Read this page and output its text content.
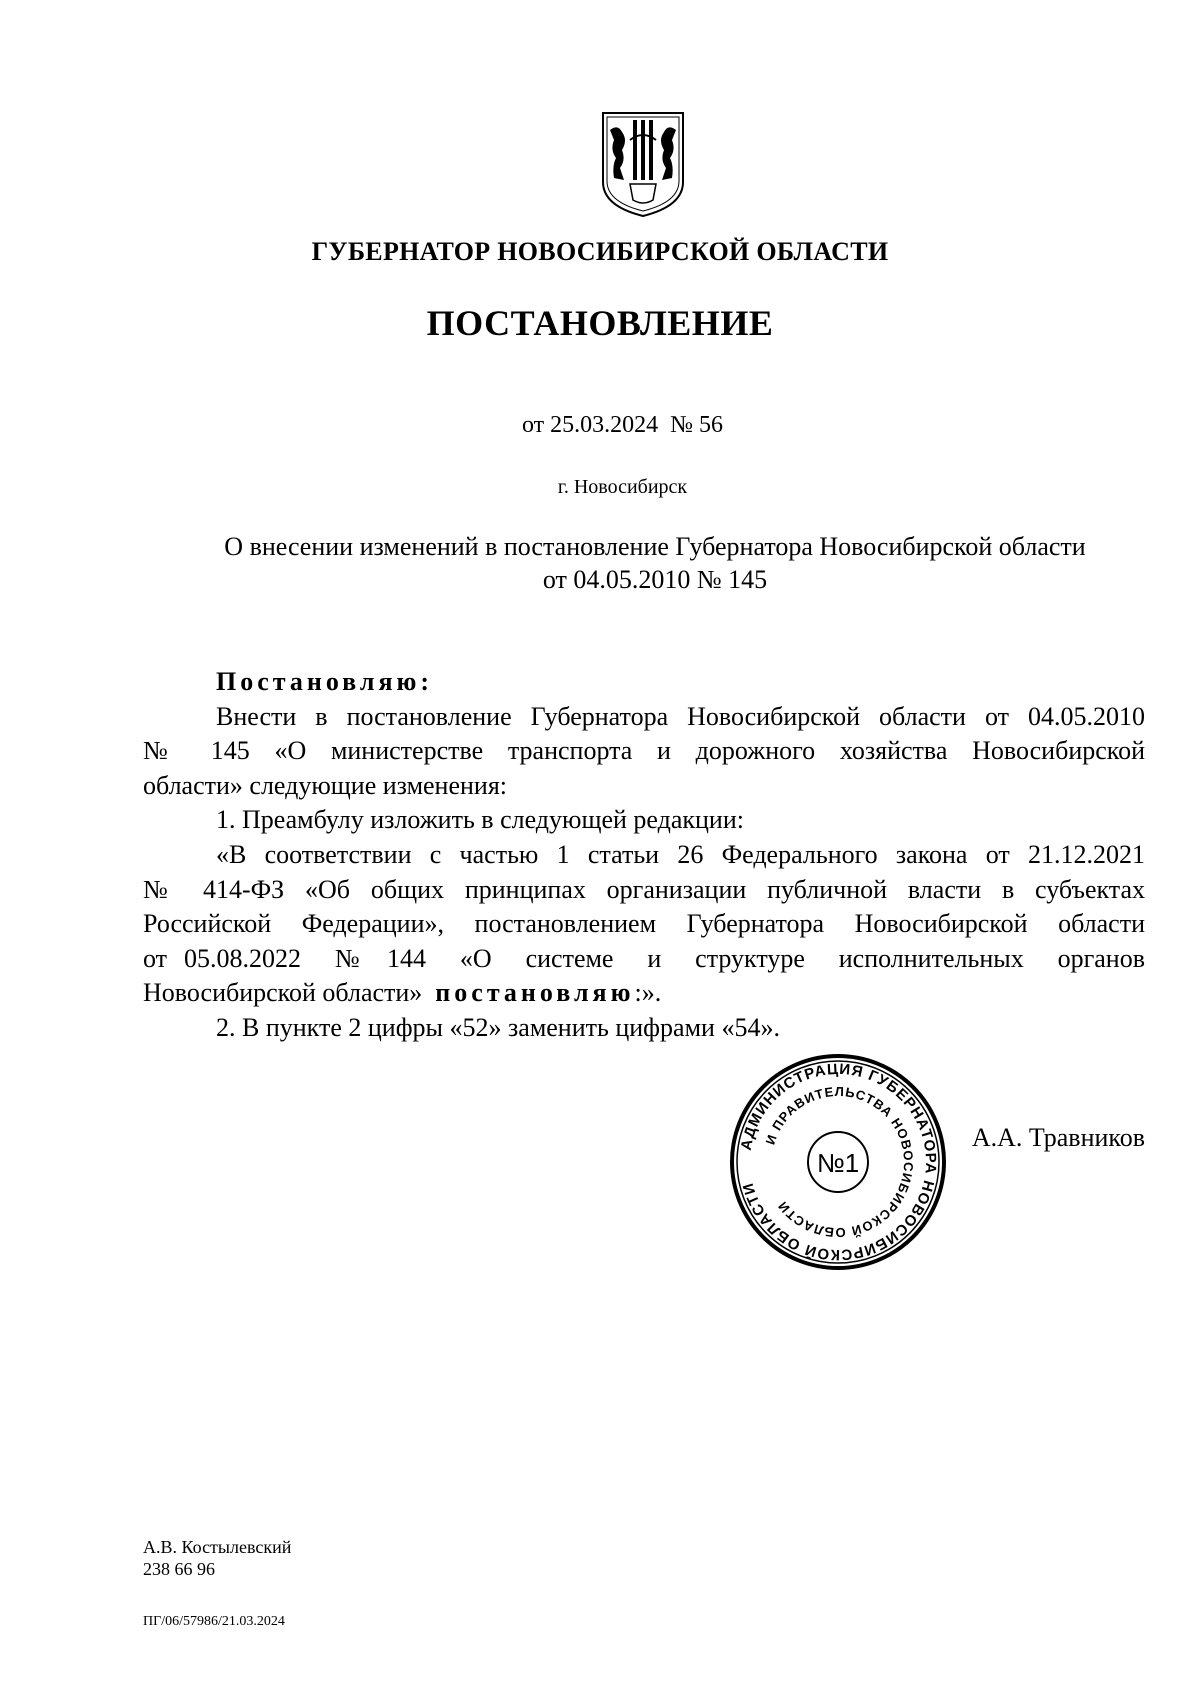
ГУБЕРНАТОР НОВОСИБИРСКОЙ ОБЛАСТИ
ПОСТАНОВЛЕНИЕ
от 25.03.2024  № 56
г. Новосибирск
О внесении изменений в постановление Губернатора Новосибирской области
от 04.05.2010 № 145

Постановляю:

Внести в постановление Губернатора Новосибирской области от 04.05.2010

№ 145 «О министерстве транспорта и дорожного хозяйства Новосибирской

области» следующие изменения:

1. Преамбулу изложить в следующей редакции:

«В соответствии с частью 1 статьи 26 Федерального закона от 21.12.2021

№ 414-ФЗ «Об общих принципах организации публичной власти в субъектах

Российской Федерации», постановлением Губернатора Новосибирской области

от 05.08.2022  № 144  «О  системе  и  структуре  исполнительных  органов

Новосибирской области» постановляю:».

2. В пункте 2 цифры «52» заменить цифрами «54».

АДМИНИСТРАЦИЯ ГУБЕРНАТОРА НОВОСИБИРСКОЙ ОБЛАСТИ
И ПРАВИТЕЛЬСТВА НОВОСИБИРСКОЙ ОБЛАСТИ
№1
А.А. Травников
А.В. Костылевский
238 66 96
ПГ/06/57986/21.03.2024
